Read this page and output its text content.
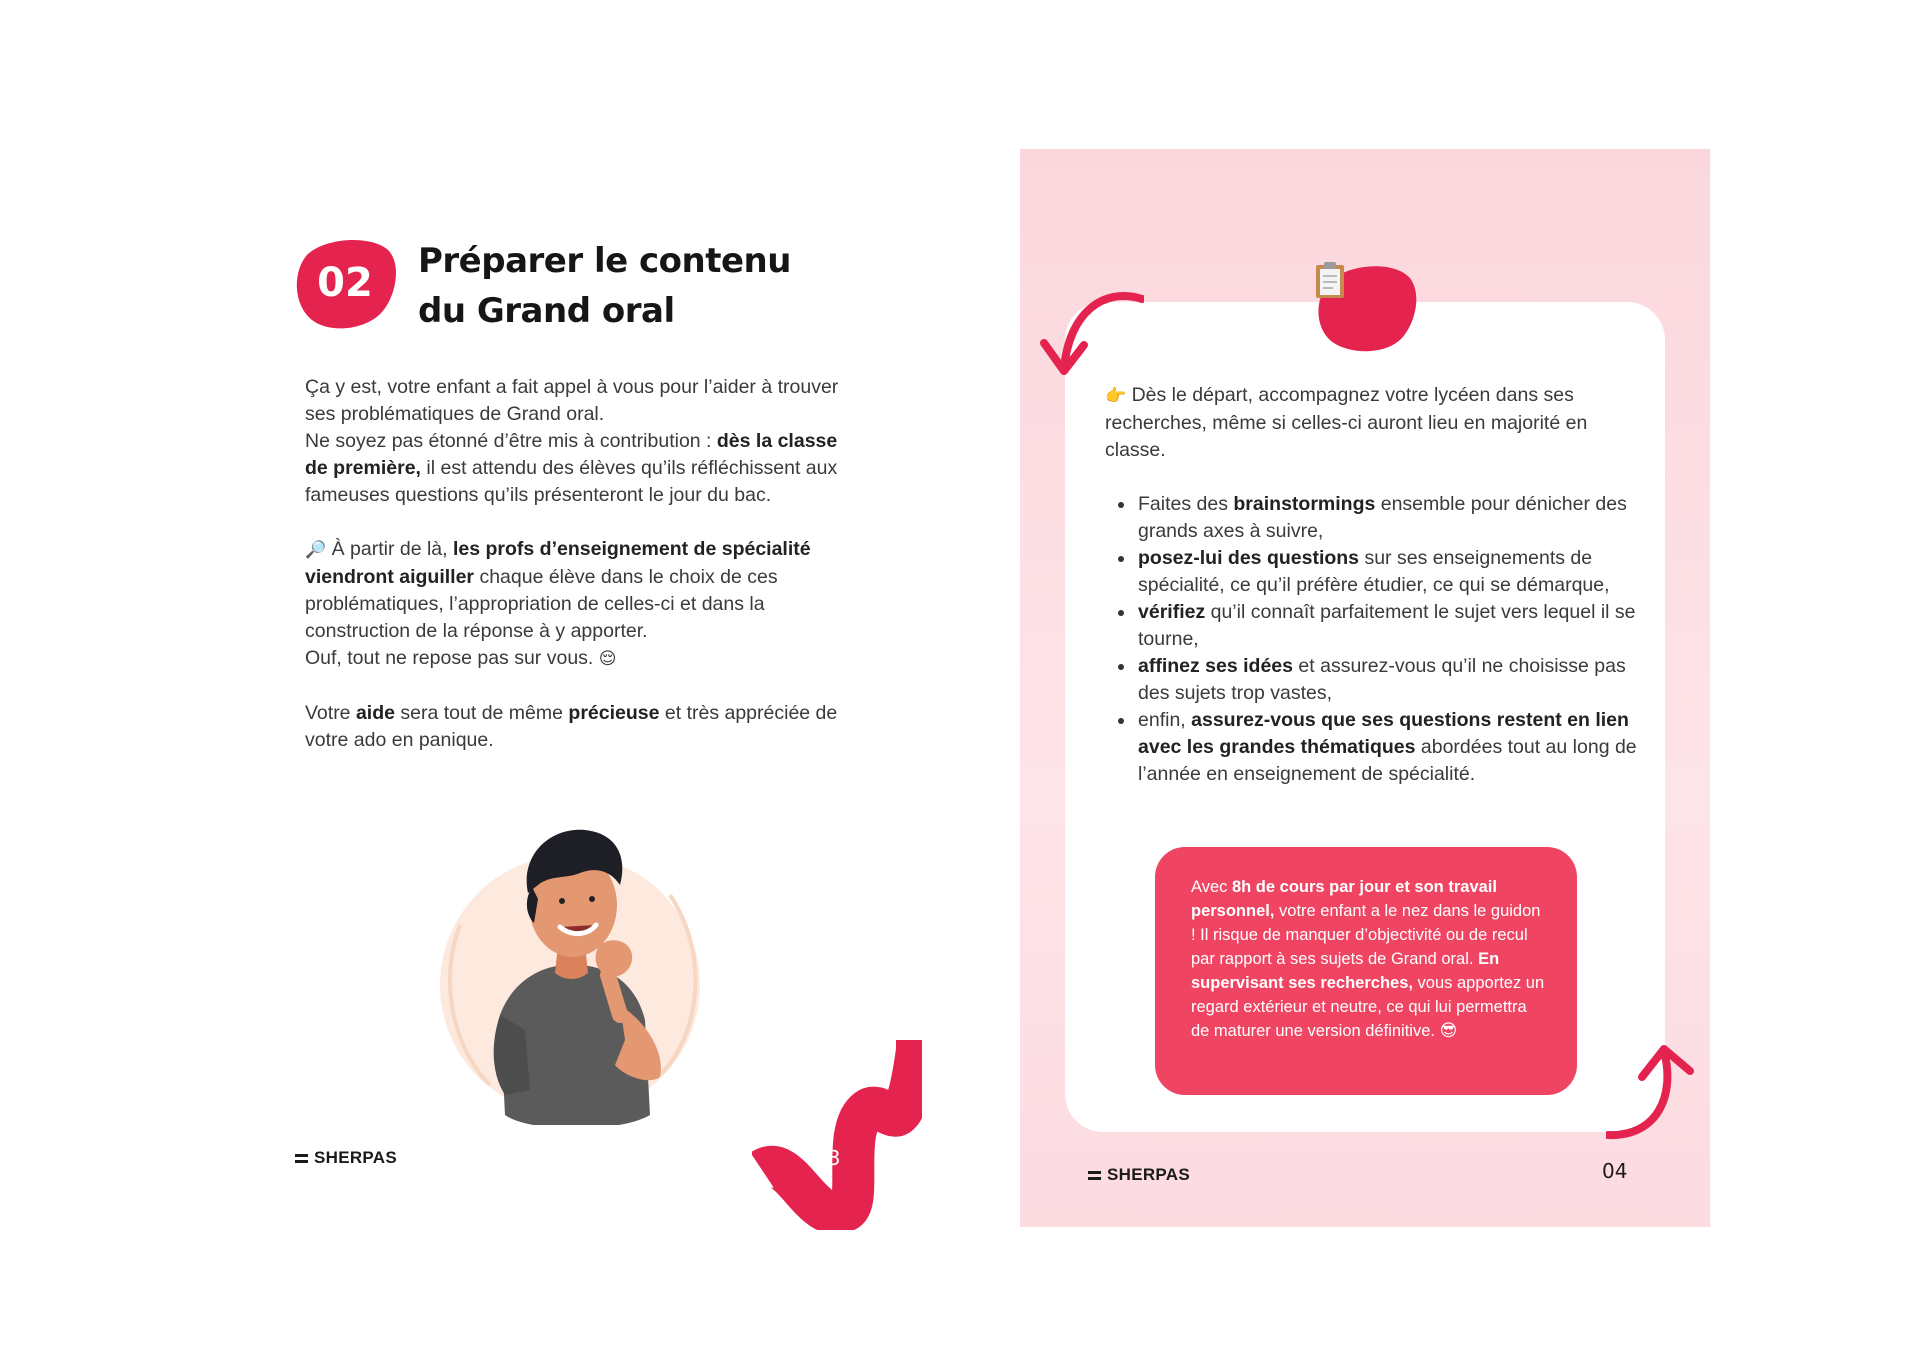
02	Préparer le contenu du Grand oral

Ça y est, votre enfant a fait appel à vous pour l’aider à trouver ses problématiques de Grand oral.
Ne soyez pas étonné d’être mis à contribution : dès la classe de première, il est attendu des élèves qu’ils réfléchissent aux fameuses questions qu’ils présenteront le jour du bac.

🔎 À partir de là, les profs d’enseignement de spécialité viendront aiguiller chaque élève dans le choix de ces problématiques, l’appropriation de celles-ci et dans la construction de la réponse à y apporter.
Ouf, tout ne repose pas sur vous. 😌

Votre aide sera tout de même précieuse et très appréciée de votre ado en panique.

SHERPAS	03

👉 Dès le départ, accompagnez votre lycéen dans ses recherches, même si celles-ci auront lieu en majorité en classe.

Faites des brainstormings ensemble pour dénicher des grands axes à suivre,
posez-lui des questions sur ses enseignements de spécialité, ce qu’il préfère étudier, ce qui se démarque,
vérifiez qu’il connaît parfaitement le sujet vers lequel il se tourne,
affinez ses idées et assurez-vous qu’il ne choisisse pas des sujets trop vastes,
enfin, assurez-vous que ses questions restent en lien avec les grandes thématiques abordées tout au long de l’année en enseignement de spécialité.
Avec 8h de cours par jour et son travail personnel, votre enfant a le nez dans le guidon ! Il risque de manquer d’objectivité ou de recul par rapport à ses sujets de Grand oral. En supervisant ses recherches, vous apportez un regard extérieur et neutre, ce qui lui permettra de maturer une version définitive. 😎
SHERPAS	04
